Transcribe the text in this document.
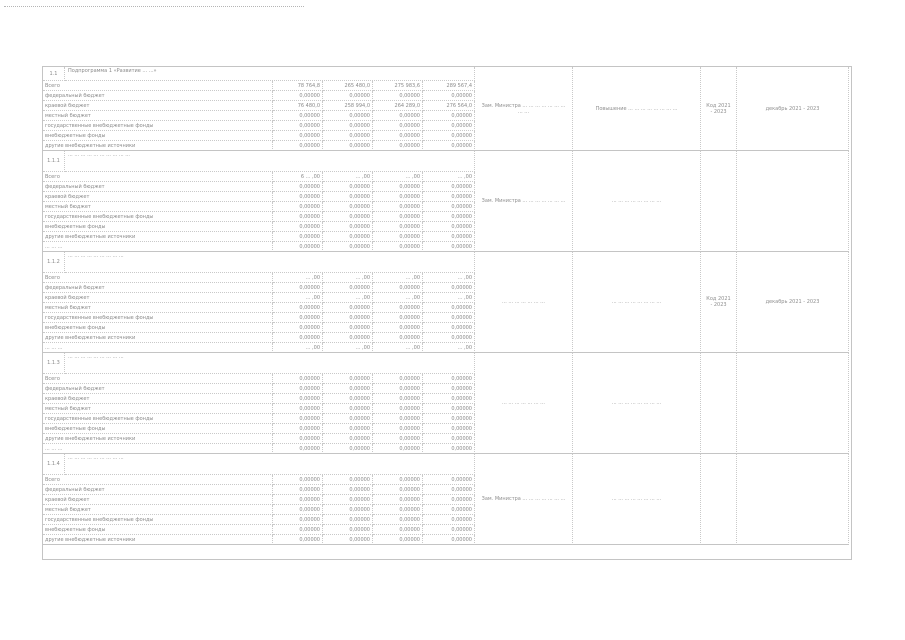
1.1	Подпрограмма 1 «Развитие ... ...»
Зам. Министра ... ... ... ... ... ... ... ... ...	Повышение ... ... ... ... ... ... ... ...	Код 2021 - 2023	декабрь 2021 - 2023
Всего	78 764,8	265 480,0	275 983,6	289 567,4
федеральный бюджет	0,00000	0,00000	0,00000	0,00000
краевой бюджет	76 480,0	258 994,0	264 289,0	276 564,0
местный бюджет	0,00000	0,00000	0,00000	0,00000
государственные внебюджетные фонды	0,00000	0,00000	0,00000	0,00000
внебюджетные фонды	0,00000	0,00000	0,00000	0,00000
другие внебюджетные источники	0,00000	0,00000	0,00000	0,00000
1.1.1
... ... ... ... ... ... ... ... ... ...
Зам. Министра ... ... ... ... ... ... ...	... ... ... ... ... ... ... ...
Всего	6 ... ,00	... ,00	... ,00	... ,00
федеральный бюджет	0,00000	0,00000	0,00000	0,00000
краевой бюджет	0,00000	0,00000	0,00000	0,00000
местный бюджет	0,00000	0,00000	0,00000	0,00000
государственные внебюджетные фонды	0,00000	0,00000	0,00000	0,00000
внебюджетные фонды	0,00000	0,00000	0,00000	0,00000
другие внебюджетные источники	0,00000	0,00000	0,00000	0,00000
... ... ...	0,00000	0,00000	0,00000	0,00000
1.1.2
... ... ... ... ... ... ... ... ...
... ... ... ... ... ... ...	... ... ... ... ... ... ... ...	Код 2021 - 2023	декабрь 2021 - 2023
Всего	... ,00	... ,00	... ,00	... ,00
федеральный бюджет	0,00000	0,00000	0,00000	0,00000
краевой бюджет	... ,00	... ,00	... ,00	... ,00
местный бюджет	0,00000	0,00000	0,00000	0,00000
государственные внебюджетные фонды	0,00000	0,00000	0,00000	0,00000
внебюджетные фонды	0,00000	0,00000	0,00000	0,00000
другие внебюджетные источники	0,00000	0,00000	0,00000	0,00000
... ... ...	... ,00	... ,00	... ,00	... ,00
1.1.3
... ... ... ... ... ... ... ... ...
... ... ... ... ... ... ...	... ... ... ... ... ... ... ...
Всего	0,00000	0,00000	0,00000	0,00000
федеральный бюджет	0,00000	0,00000	0,00000	0,00000
краевой бюджет	0,00000	0,00000	0,00000	0,00000
местный бюджет	0,00000	0,00000	0,00000	0,00000
государственные внебюджетные фонды	0,00000	0,00000	0,00000	0,00000
внебюджетные фонды	0,00000	0,00000	0,00000	0,00000
другие внебюджетные источники	0,00000	0,00000	0,00000	0,00000
... ... ...	0,00000	0,00000	0,00000	0,00000
1.1.4
... ... ... ... ... ... ... ... ...
Зам. Министра ... ... ... ... ... ... ...	... ... ... ... ... ... ... ...
Всего	0,00000	0,00000	0,00000	0,00000
федеральный бюджет	0,00000	0,00000	0,00000	0,00000
краевой бюджет	0,00000	0,00000	0,00000	0,00000
местный бюджет	0,00000	0,00000	0,00000	0,00000
государственные внебюджетные фонды	0,00000	0,00000	0,00000	0,00000
внебюджетные фонды	0,00000	0,00000	0,00000	0,00000
другие внебюджетные источники	0,00000	0,00000	0,00000	0,00000
